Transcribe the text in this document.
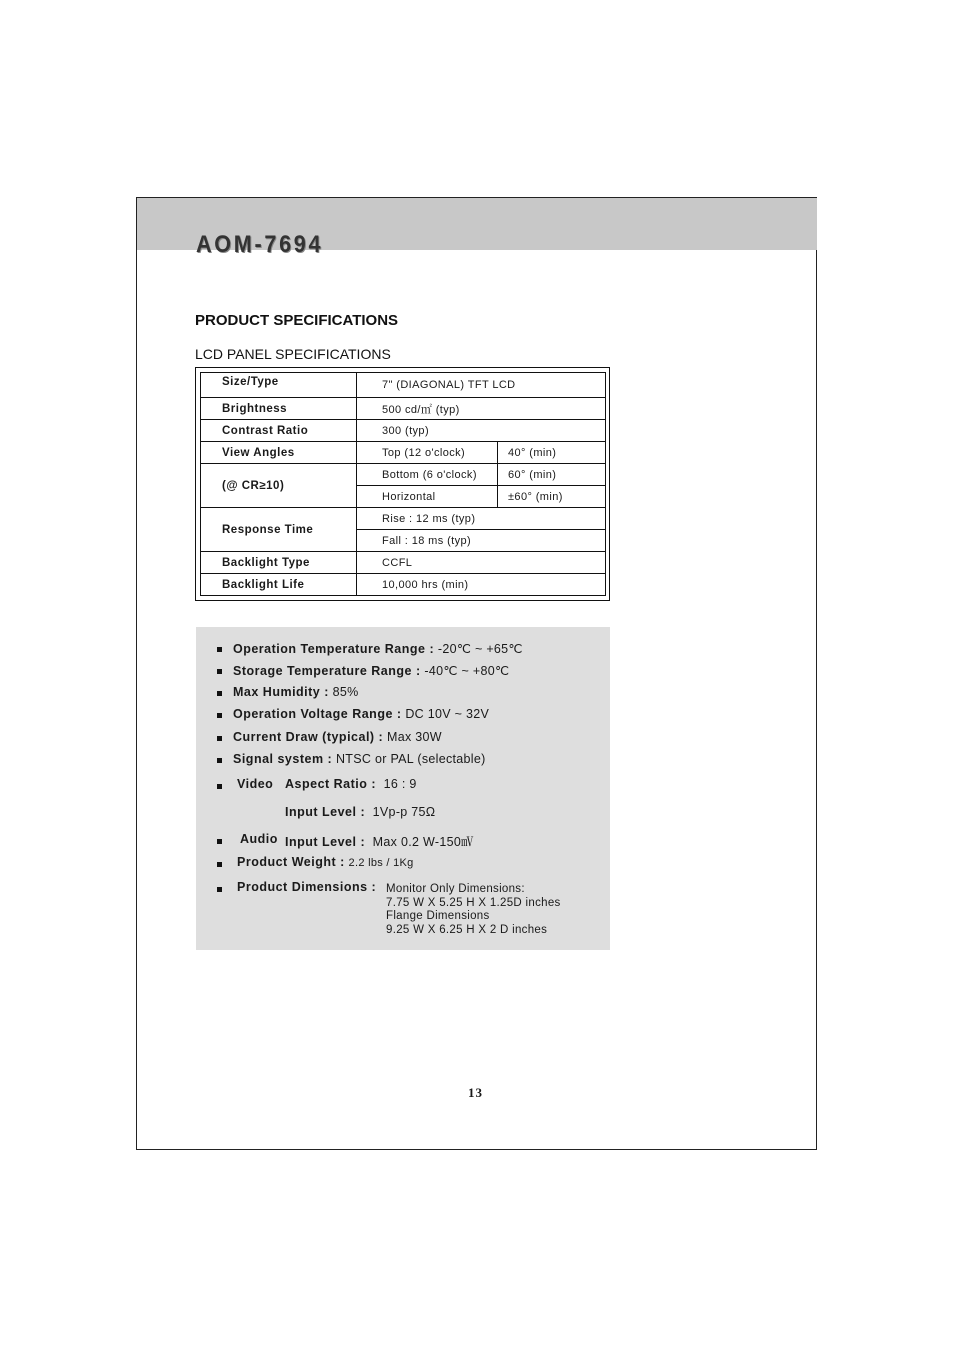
AOM-7694
PRODUCT SPECIFICATIONS
LCD PANEL SPECIFICATIONS
Size/Type	7" (DIAGONAL) TFT LCD	
Brightness	500 cd/㎡ (typ)	
Contrast Ratio	300 (typ)	
View Angles	Top (12 o'clock)	40° (min)
(@ CR≥10)	Bottom (6 o'clock)	60° (min)
	Horizontal	±60° (min)
Response Time	Rise : 12 ms (typ)	
	Fall : 18 ms (typ)	
Backlight Type	CCFL	
Backlight Life	10,000 hrs (min)	
Operation Temperature Range : -20℃ ~ +65℃
Storage Temperature Range : -40℃ ~ +80℃
Max Humidity : 85%
Operation Voltage Range : DC 10V ~ 32V
Current Draw (typical) : Max 30W
Signal system : NTSC or PAL (selectable)
Video Aspect Ratio : 16 : 9
Input Level : 1Vp-p 75Ω
Audio Input Level : Max 0.2 W-150㎷
Product Weight : 2.2 lbs / 1Kg
Product Dimensions : Monitor Only Dimensions:
7.75 W X 5.25 H X 1.25D inches
Flange Dimensions
9.25 W X 6.25 H X 2 D inches
13
